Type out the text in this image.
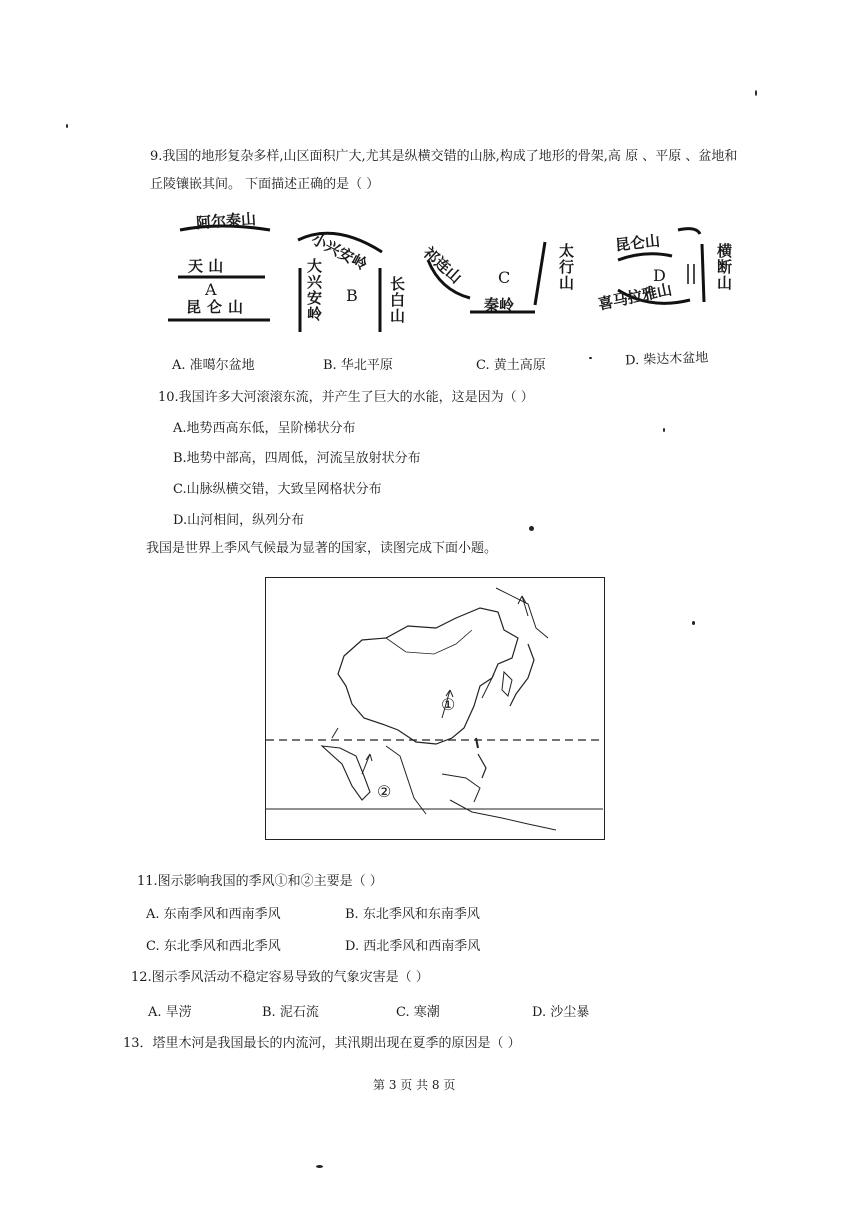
9.我国的地形复杂多样,山区面积广大,尤其是纵横交错的山脉,构成了地形的骨架,高 原 、平原 、盆地和
丘陵镶嵌其间。 下面描述正确的是（ ）
阿尔泰山
天 山
A
昆仑山
小兴安岭
大兴安岭 B 长白山
祁连山 C
秦岭
太行山
昆仑山
D	横断山
喜马拉雅山
A. 准噶尔盆地	B. 华北平原	C. 黄土高原	D. 柴达木盆地
10.我国许多大河滚滚东流，并产生了巨大的水能，这是因为（ ）
A.地势西高东低，呈阶梯状分布
B.地势中部高，四周低，河流呈放射状分布
C.山脉纵横交错，大致呈网格状分布
D.山河相间，纵列分布
我国是世界上季风气候最为显著的国家，读图完成下面小题。
①
②
11.图示影响我国的季风①和②主要是（ ）
A. 东南季风和西南季风	B. 东北季风和东南季风
C. 东北季风和西北季风	D. 西北季风和西南季风
12.图示季风活动不稳定容易导致的气象灾害是（ ）
A. 旱涝	B. 泥石流	C. 寒潮	D. 沙尘暴
13．塔里木河是我国最长的内流河，其汛期出现在夏季的原因是（ ）
第 3 页 共 8 页
